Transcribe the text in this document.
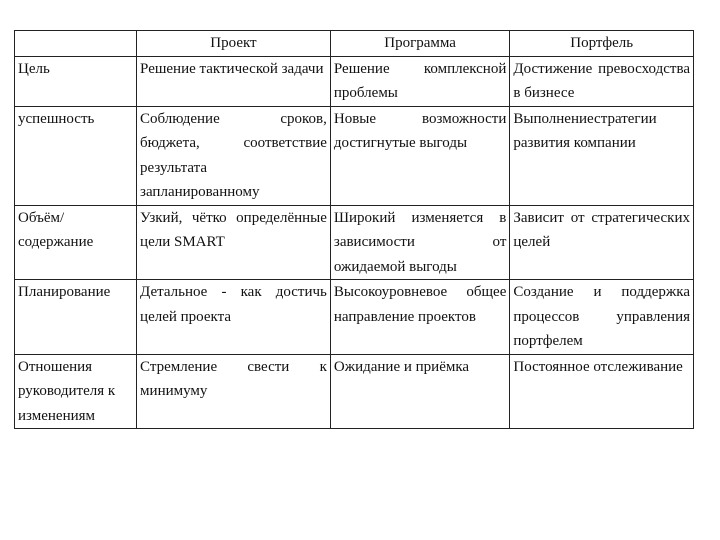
	Проект	Программа	Портфель
Цель	Решение тактической задачи	Решение комплексной проблемы	Достижение превосходства в бизнесе
успешность	Соблюдение сроков, бюджета, соответствие результата запланированному	Новые возможности достигнутые выгоды	Выполнениестратегии развития компании
Объём/ содержание	Узкий, чётко определённые цели SMART	Широкий изменяется в зависимости от ожидаемой выгоды	Зависит от стратегических целей
Планирование	Детальное - как достичь целей проекта	Высокоуровневое общее направление проектов	Создание и поддержка процессов управления портфелем
Отношения руководителя к изменениям	Стремление свести к минимуму	Ожидание и приёмка	Постоянное отслеживание
